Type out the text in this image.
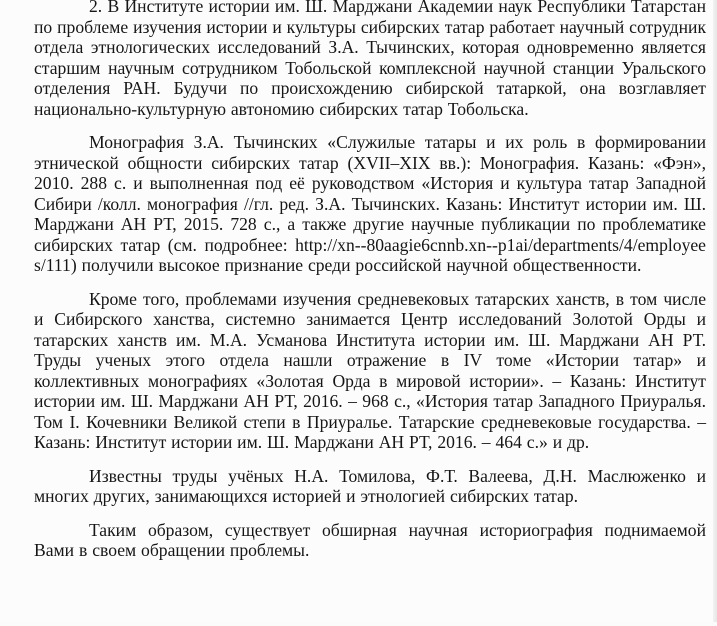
2. В Институте истории им. Ш. Марджани Академии наук Республики Татарстан по проблеме изучения истории и культуры сибирских татар работает научный сотрудник отдела этнологических исследований З.А. Тычинских, которая одновременно является старшим научным сотрудником Тобольской комплексной научной станции Уральского отделения РАН. Будучи по происхождению сибирской татаркой, она возглавляет национально-культурную автономию сибирских татар Тобольска.

Монография З.А. Тычинских «Служилые татары и их роль в формировании этнической общности сибирских татар (XVII–XIX вв.): Монография. Казань: «Фэн», 2010. 288 с. и выполненная под её руководством «История и культура татар Западной Сибири /колл. монография //гл. ред. З.А. Тычинских. Казань: Институт истории им. Ш. Марджани АН РТ, 2015. 728 с., а также другие научные публикации по проблематике сибирских татар (см. подробнее: http://xn--80aagie6cnnb.xn--p1ai/departments/4/employees/111) получили высокое признание среди российской научной общественности.

Кроме того, проблемами изучения средневековых татарских ханств, в том числе и Сибирского ханства, системно занимается Центр исследований Золотой Орды и татарских ханств им. М.А. Усманова Института истории им. Ш. Марджани АН РТ. Труды ученых этого отдела нашли отражение в IV томе «Истории татар» и коллективных монографиях «Золотая Орда в мировой истории». – Казань: Институт истории им. Ш. Марджани АН РТ, 2016. – 968 с., «История татар Западного Приуралья. Том I. Кочевники Великой степи в Приуралье. Татарские средневековые государства. – Казань: Институт истории им. Ш. Марджани АН РТ, 2016. – 464 с.» и др.

Известны труды учёных Н.А. Томилова, Ф.Т. Валеева, Д.Н. Маслюженко и многих других, занимающихся историей и этнологией сибирских татар.

Таким образом, существует обширная научная историография поднимаемой Вами в своем обращении проблемы.
